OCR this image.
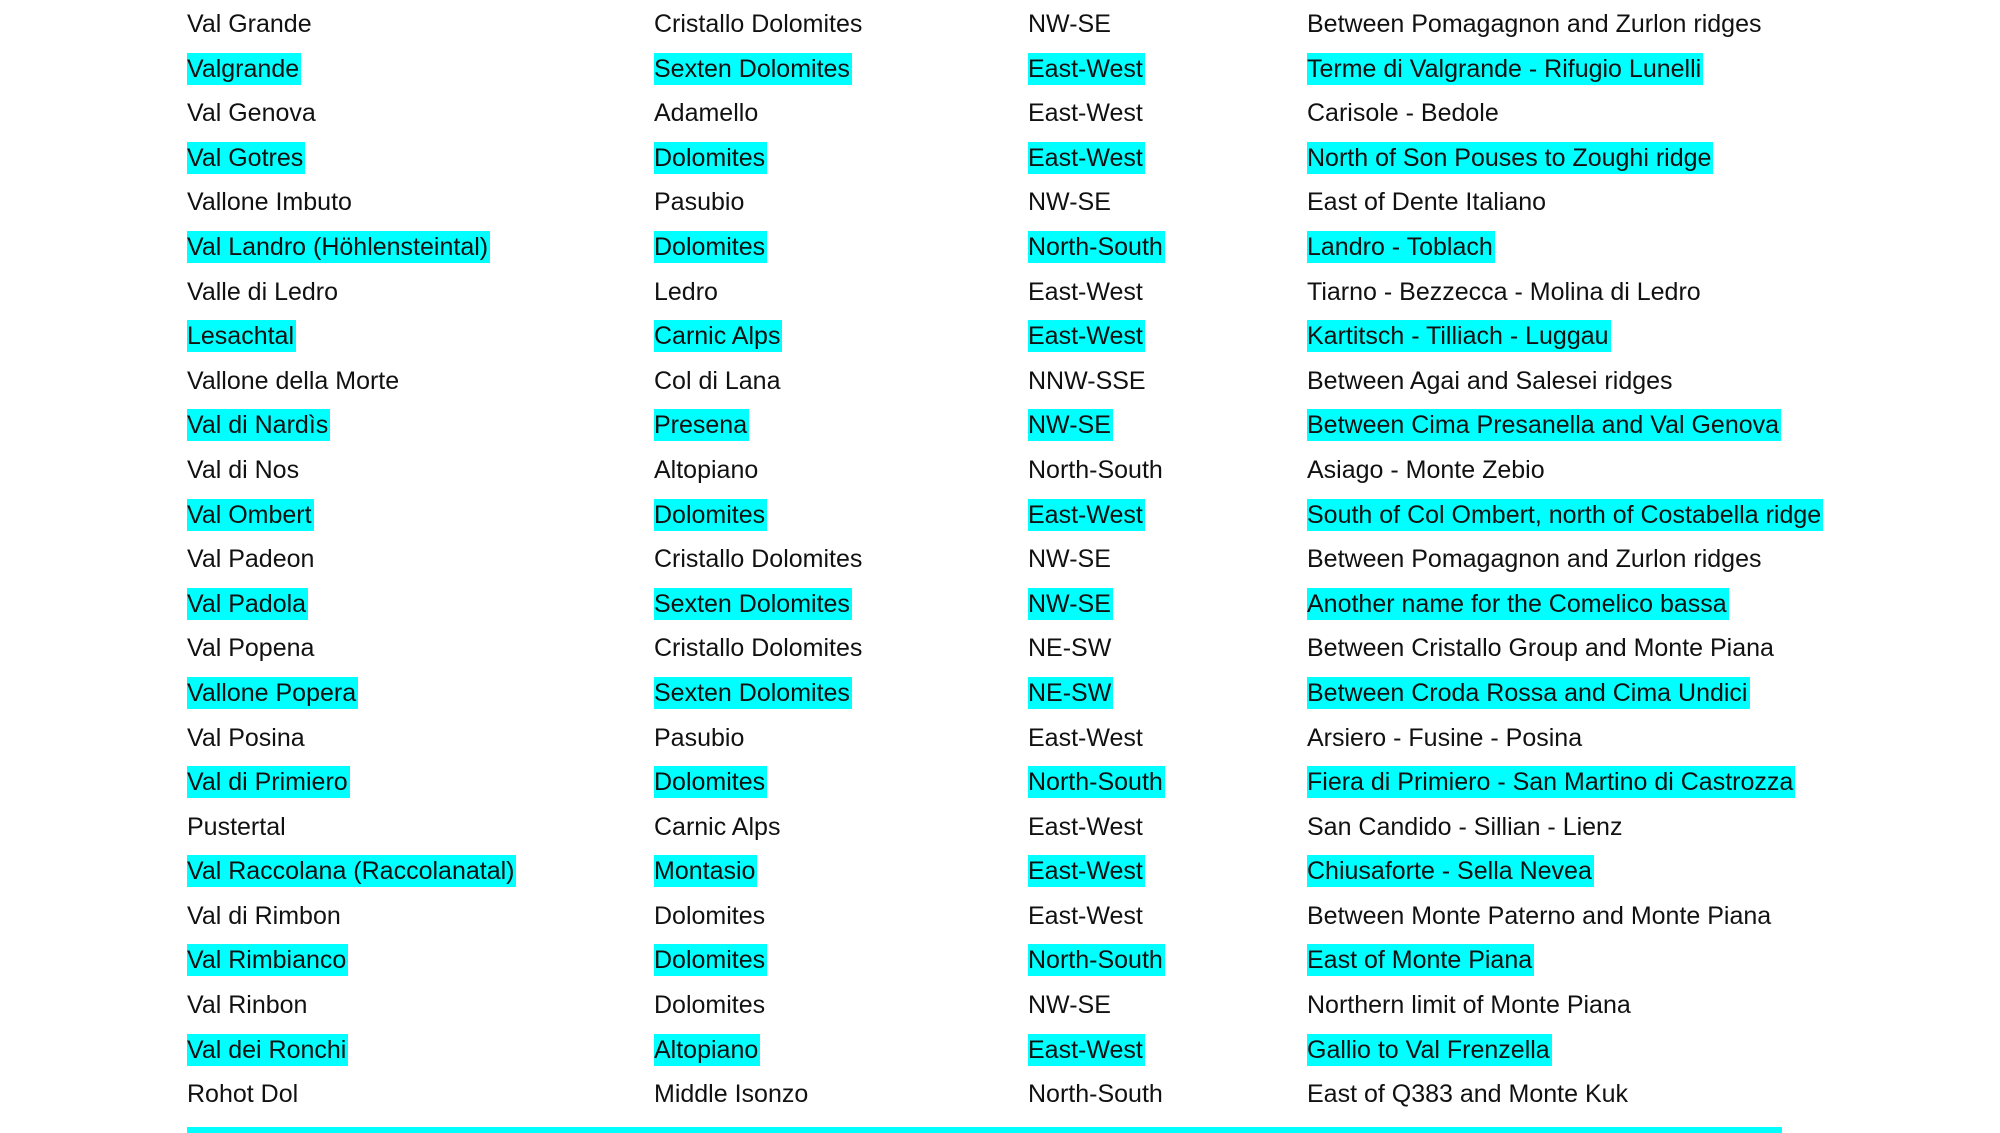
Val Grande	Cristallo Dolomites	NW-SE	Between Pomagagnon and Zurlon ridges
Valgrande	Sexten Dolomites	East-West	Terme di Valgrande - Rifugio Lunelli
Val Genova	Adamello	East-West	Carisole - Bedole
Val Gotres	Dolomites	East-West	North of Son Pouses to Zoughi ridge
Vallone Imbuto	Pasubio	NW-SE	East of Dente Italiano
Val Landro (Höhlensteintal)	Dolomites	North-South	Landro - Toblach
Valle di Ledro	Ledro	East-West	Tiarno - Bezzecca - Molina di Ledro
Lesachtal	Carnic Alps	East-West	Kartitsch - Tilliach - Luggau
Vallone della Morte	Col di Lana	NNW-SSE	Between Agai and Salesei ridges
Val di Nardìs	Presena	NW-SE	Between Cima Presanella and Val Genova
Val di Nos	Altopiano	North-South	Asiago - Monte Zebio
Val Ombert	Dolomites	East-West	South of Col Ombert, north of Costabella ridge
Val Padeon	Cristallo Dolomites	NW-SE	Between Pomagagnon and Zurlon ridges
Val Padola	Sexten Dolomites	NW-SE	Another name for the Comelico bassa
Val Popena	Cristallo Dolomites	NE-SW	Between Cristallo Group and Monte Piana
Vallone Popera	Sexten Dolomites	NE-SW	Between Croda Rossa and Cima Undici
Val Posina	Pasubio	East-West	Arsiero - Fusine - Posina
Val di Primiero	Dolomites	North-South	Fiera di Primiero - San Martino di Castrozza
Pustertal	Carnic Alps	East-West	San Candido - Sillian - Lienz
Val Raccolana (Raccolanatal)	Montasio	East-West	Chiusaforte - Sella Nevea
Val di Rimbon	Dolomites	East-West	Between Monte Paterno and Monte Piana
Val Rimbianco	Dolomites	North-South	East of Monte Piana
Val Rinbon	Dolomites	NW-SE	Northern limit of Monte Piana
Val dei Ronchi	Altopiano	East-West	Gallio to Val Frenzella
Rohot Dol	Middle Isonzo	North-South	East of Q383 and Monte Kuk
